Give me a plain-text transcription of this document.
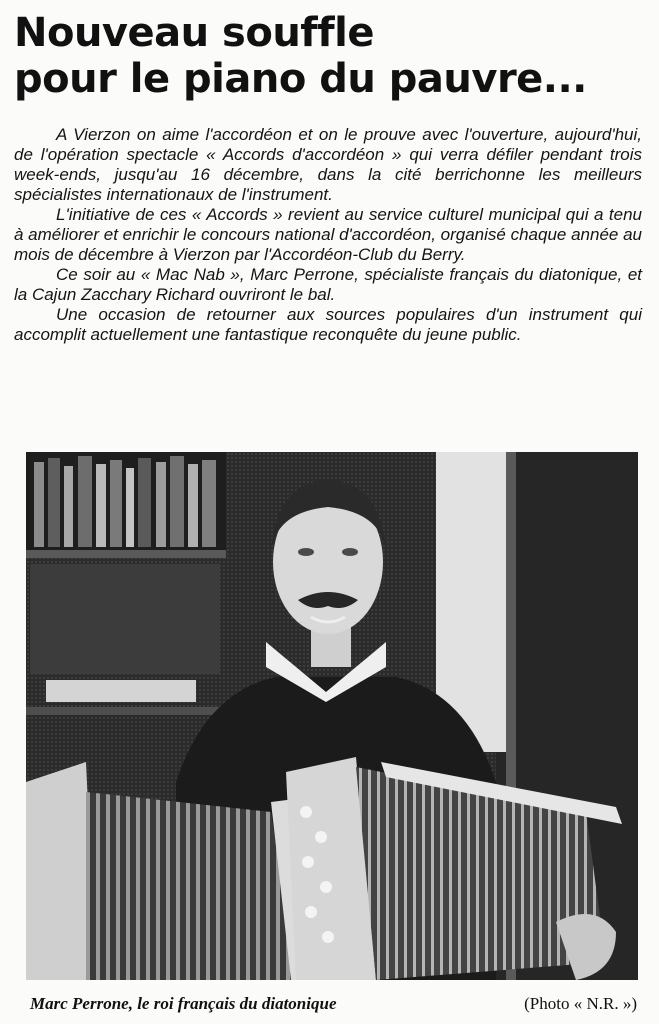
Nouveau souffle
pour le piano du pauvre...

A Vierzon on aime l'accordéon et on le prouve avec l'ouverture, aujourd'hui, de l'opération spectacle « Accords d'accordéon » qui verra défiler pendant trois week-ends, jusqu'au 16 décembre, dans la cité berrichonne les meilleurs spécialistes internationaux de l'instrument.

L'initiative de ces « Accords » revient au service culturel municipal qui a tenu à améliorer et enrichir le concours national d'accordéon, organisé chaque année au mois de décembre à Vierzon par l'Accordéon-Club du Berry.

Ce soir au « Mac Nab », Marc Perrone, spécialiste français du diatonique, et la Cajun Zacchary Richard ouvriront le bal.

Une occasion de retourner aux sources populaires d'un instrument qui accomplit actuellement une fantastique reconquête du jeune public.

Marc Perrone, le roi français du diatonique	(Photo « N.R. »)
